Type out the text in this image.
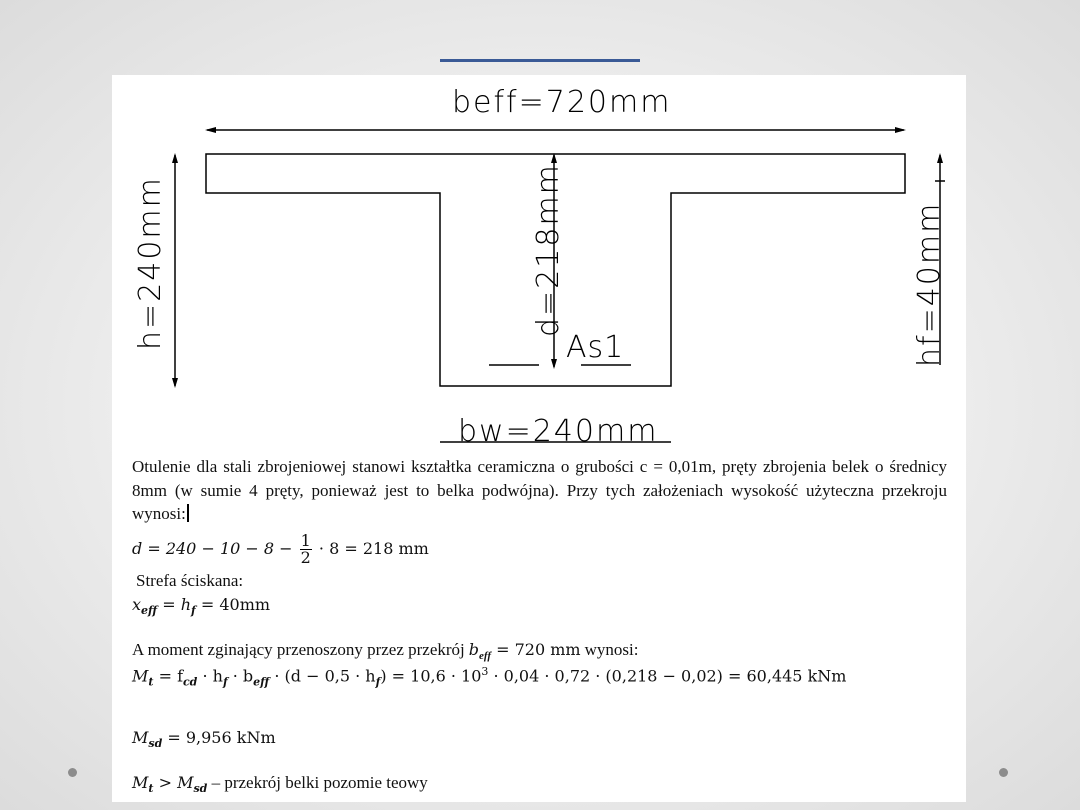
beff=720mm
h=240mm	d=218mm
As1	hf=40mm
bw=240mm

Otulenie dla stali zbrojeniowej stanowi kształtka ceramiczna o grubości c = 0,01m, pręty zbrojenia belek o średnicy 8mm (w sumie 4 pręty, ponieważ jest to belka podwójna). Przy tych założeniach wysokość użyteczna przekroju wynosi:

$d = 240 - 10 - 8 - \frac{1}{2} \cdot 8 = 218$ mm
Strefa ściskana:
$x_{eff} = h_f = 40mm$
A moment zginający przenoszony przez przekrój $b_{eff} = 720$ mm wynosi:
$M_t = f_{cd} \cdot h_f \cdot b_{eff} \cdot (d - 0,5 \cdot h_f) = 10,6 \cdot 10^3 \cdot 0,04 \cdot 0,72 \cdot (0,218 - 0,02) = 60,445$ kNm
$M_{sd} = 9,956$ kNm
$M_t > M_{sd}$ – przekrój belki pozomie teowy
